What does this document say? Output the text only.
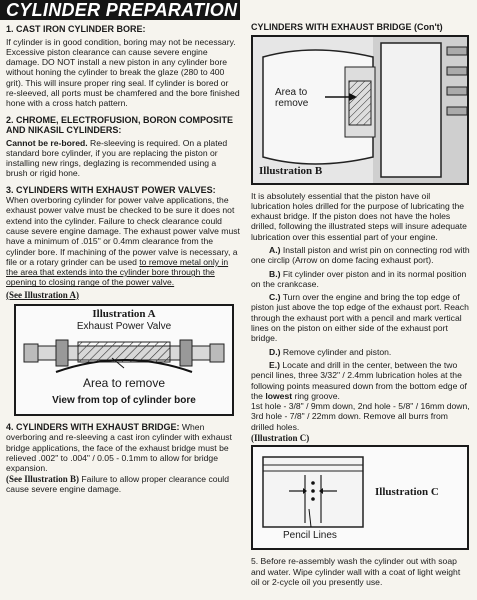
CYLINDER PREPARATION
1. CAST IRON CYLINDER BORE:

If cylinder is in good condition, boring may not be necessary. Excessive piston clearance can cause severe engine damage. DO NOT install a new piston in any cylinder bore without honing the cylinder to break the glaze (280 to 400 grit). This will insure proper ring seal. If cylinder is bored or re-sleeved, all ports must be chamfered and the bore finished hone with a cross hatch pattern.

2. CHROME, ELECTROFUSION, BORON COMPOSITE AND NIKASIL CYLINDERS:

Cannot be re-bored. Re-sleeving is required. On a plated standard bore cylinder, if you are replacing the piston or installing new rings, deglazing is recommended using a brush or rigid hone.

3. CYLINDERS WITH EXHAUST POWER VALVES: When overboring cylinder for power valve applications, the exhaust power valve must be checked to be sure it does not extend into the cylinder. Failure to check clearance could cause severe engine damage. The exhaust power valve must have a minimum of .015" or 0.4mm clearance from the cylinder bore. If machining of the power valve is necessary, a file or a rotary grinder can be used to remove metal only in the area that extends into the cylinder bore through the opening to closing range of the power valve.

(See Illustration A)
Illustration A
Exhaust Power Valve
Area to remove
View from top of cylinder bore

4. CYLINDERS WITH EXHAUST BRIDGE: When overboring and re-sleeving a cast iron cylinder with exhaust bridge applications, the face of the exhaust bridge must be relieved .002" to .004" / 0.05 - 0.1mm to allow for bridge expansion.
(See Illustration B) Failure to allow proper clearance could cause severe engine damage.

CYLINDERS WITH EXHAUST BRIDGE (Con't)
Area to remove
Illustration B

It is absolutely essential that the piston have oil lubrication holes drilled for the purpose of lubricating the exhaust bridge. If the piston does not have the holes drilled, following the illustrated steps will insure adequate lubrication over this essential part of your engine.

A.) Install piston and wrist pin on connecting rod with one circlip (Arrow on dome facing exhaust port).

B.) Fit cylinder over piston and in its normal position on the crankcase.

C.) Turn over the engine and bring the top edge of piston just above the top edge of the exhaust port. Reach through the exhaust port with a pencil and mark vertical lines on the piston on either side of the exhaust port bridge.

D.) Remove cylinder and piston.

E.) Locate and drill in the center, between the two pencil lines, three 3/32" / 2.4mm lubrication holes at the following points measured down from the bottom edge of the lowest ring groove.

1st hole - 3/8" / 9mm down, 2nd hole - 5/8" / 16mm down, 3rd hole - 7/8" / 22mm down. Remove all burrs from drilled holes.

(Illustration C)
Illustration C
Pencil Lines

5. Before re-assembly wash the cylinder out with soap and water. Wipe cylinder wall with a coat of light weight oil or 2-cycle oil you presently use.
